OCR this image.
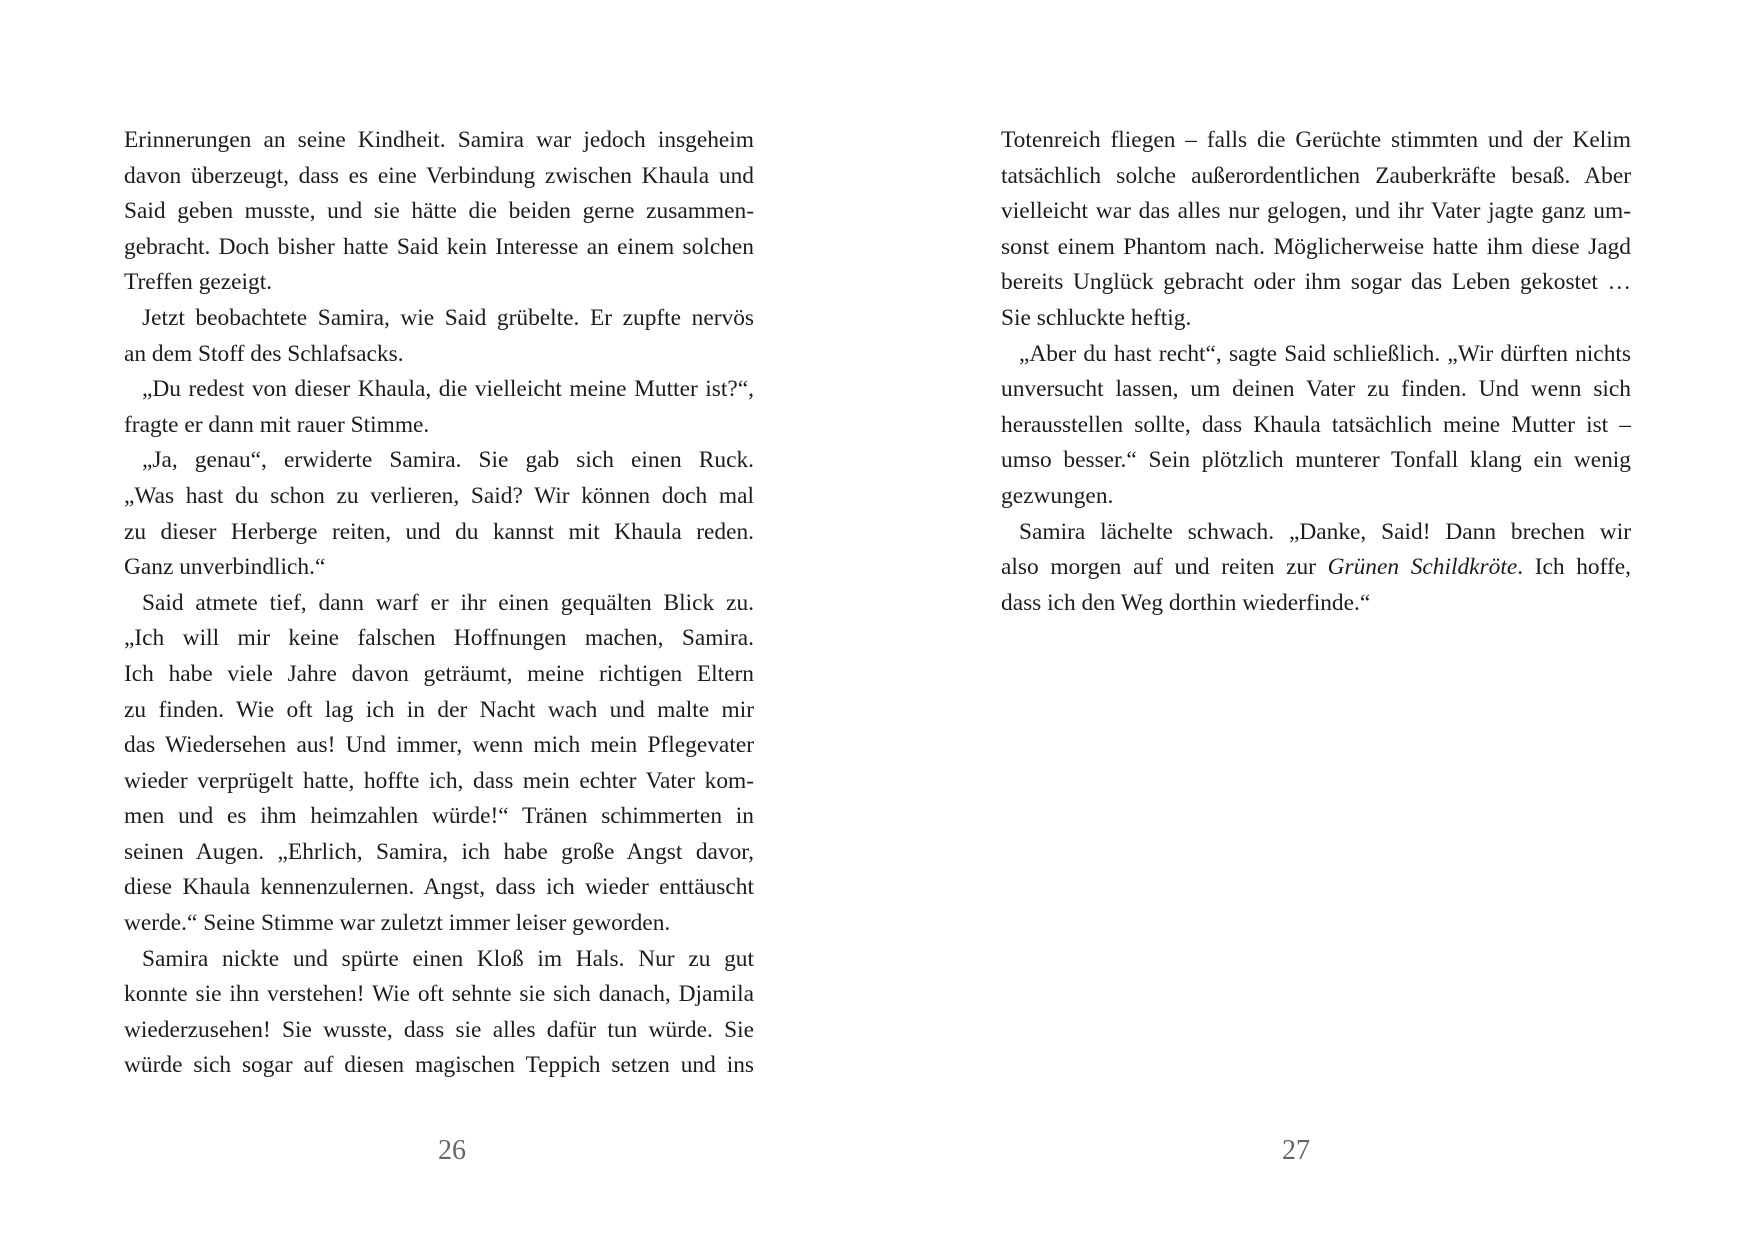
Erinnerungen an seine Kindheit. Samira war jedoch insgeheim
davon überzeugt, dass es eine Verbindung zwischen Khaula und
Said geben musste, und sie hätte die beiden gerne zusammen-
gebracht. Doch bisher hatte Said kein Interesse an einem solchen
Treffen gezeigt.
Jetzt beobachtete Samira, wie Said grübelte. Er zupfte nervös
an dem Stoff des Schlafsacks.
„Du redest von dieser Khaula, die vielleicht meine Mutter ist?“,
fragte er dann mit rauer Stimme.
„Ja, genau“, erwiderte Samira. Sie gab sich einen Ruck.
„Was hast du schon zu verlieren, Said? Wir können doch mal
zu dieser Herberge reiten, und du kannst mit Khaula reden.
Ganz unverbindlich.“
Said atmete tief, dann warf er ihr einen gequälten Blick zu.
„Ich will mir keine falschen Hoffnungen machen, Samira.
Ich habe viele Jahre davon geträumt, meine richtigen Eltern
zu finden. Wie oft lag ich in der Nacht wach und malte mir
das Wiedersehen aus! Und immer, wenn mich mein Pflegevater
wieder verprügelt hatte, hoffte ich, dass mein echter Vater kom-
men und es ihm heimzahlen würde!“ Tränen schimmerten in
seinen Augen. „Ehrlich, Samira, ich habe große Angst davor,
diese Khaula kennenzulernen. Angst, dass ich wieder enttäuscht
werde.“ Seine Stimme war zuletzt immer leiser geworden.
Samira nickte und spürte einen Kloß im Hals. Nur zu gut
konnte sie ihn verstehen! Wie oft sehnte sie sich danach, Djamila
wiederzusehen! Sie wusste, dass sie alles dafür tun würde. Sie
würde sich sogar auf diesen magischen Teppich setzen und ins
26
Totenreich fliegen – falls die Gerüchte stimmten und der Kelim
tatsächlich solche außerordentlichen Zauberkräfte besaß. Aber
vielleicht war das alles nur gelogen, und ihr Vater jagte ganz um-
sonst einem Phantom nach. Möglicherweise hatte ihm diese Jagd
bereits Unglück gebracht oder ihm sogar das Leben gekostet …
Sie schluckte heftig.
„Aber du hast recht“, sagte Said schließlich. „Wir dürften nichts
unversucht lassen, um deinen Vater zu finden. Und wenn sich
herausstellen sollte, dass Khaula tatsächlich meine Mutter ist –
umso besser.“ Sein plötzlich munterer Tonfall klang ein wenig
gezwungen.
Samira lächelte schwach. „Danke, Said! Dann brechen wir
also morgen auf und reiten zur Grünen Schildkröte. Ich hoffe,
dass ich den Weg dorthin wiederfinde.“
27
